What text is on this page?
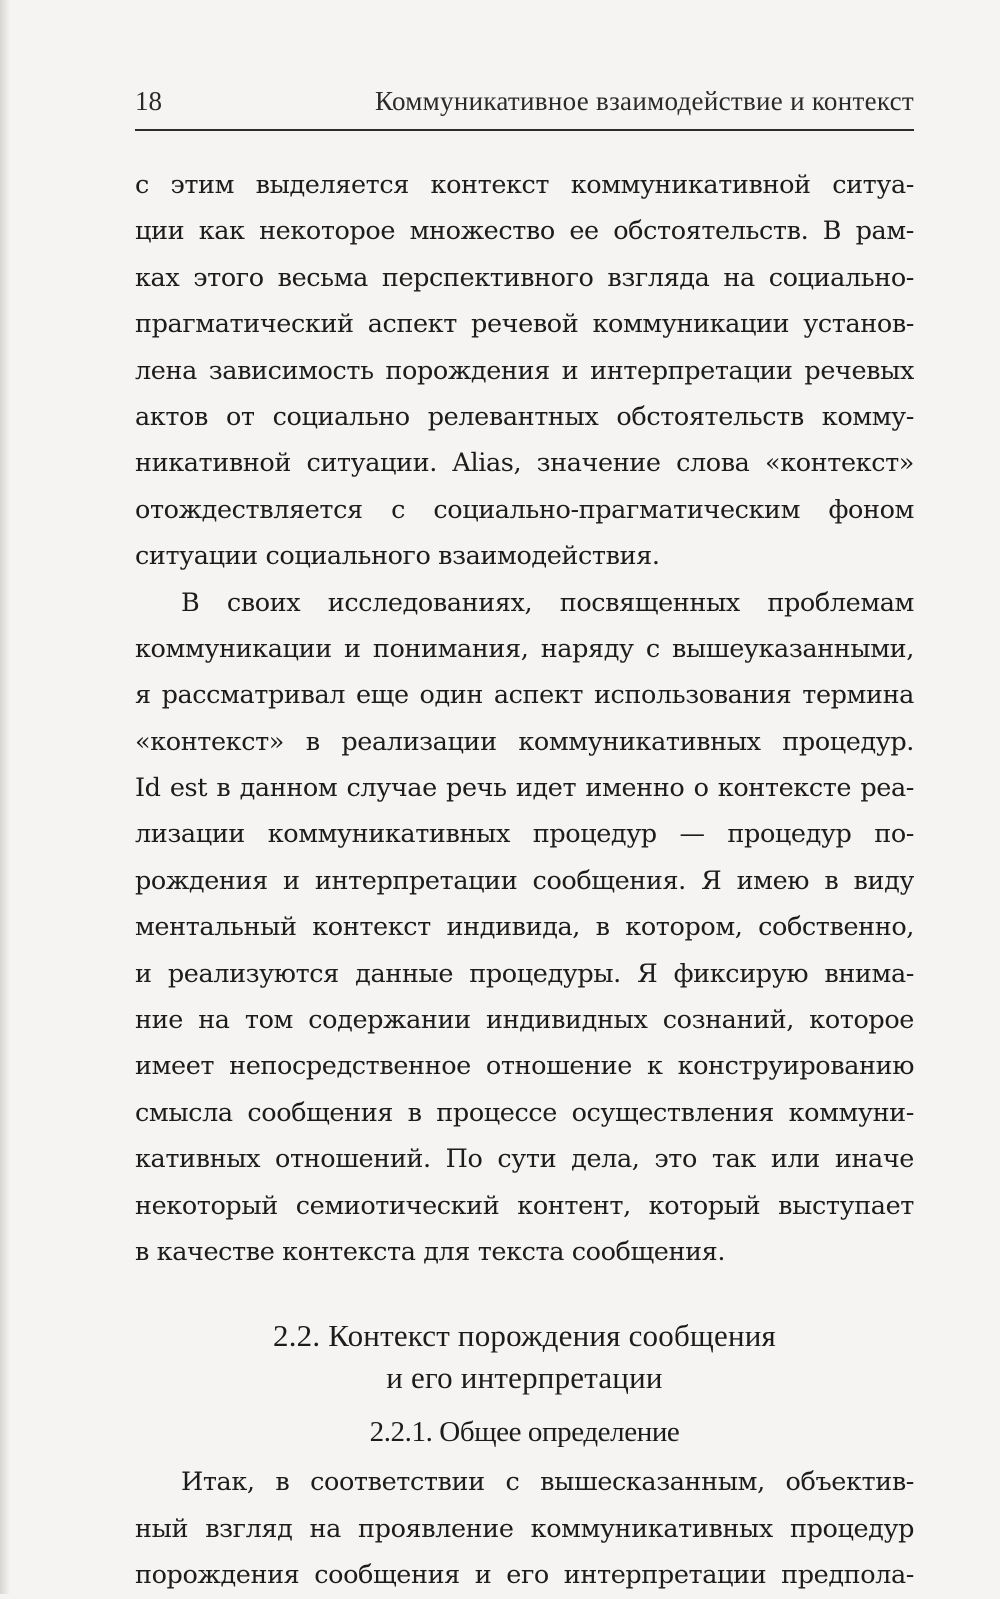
18	Коммуникативное взаимодействие и контекст
с этим выделяется контекст коммуникативной ситуа-
ции как некоторое множество ее обстоятельств. В рам-
ках этого весьма перспективного взгляда на социально-
прагматический аспект речевой коммуникации установ-
лена зависимость порождения и интерпретации речевых
актов от социально релевантных обстоятельств комму-
никативной ситуации. Alias, значение слова «контекст»
отождествляется с социально-прагматическим фоном
ситуации социального взаимодействия.
В своих исследованиях, посвященных проблемам
коммуникации и понимания, наряду с вышеуказанными,
я рассматривал еще один аспект использования термина
«контекст» в реализации коммуникативных процедур.
Id est в данном случае речь идет именно о контексте реа-
лизации коммуникативных процедур — процедур по-
рождения и интерпретации сообщения. Я имею в виду
ментальный контекст индивида, в котором, собственно,
и реализуются данные процедуры. Я фиксирую внима-
ние на том содержании индивидных сознаний, которое
имеет непосредственное отношение к конструированию
смысла сообщения в процессе осуществления коммуни-
кативных отношений. По сути дела, это так или иначе
некоторый семиотический контент, который выступает
в качестве контекста для текста сообщения.
2.2. Контекст порождения сообщения
и его интерпретации
2.2.1. Общее определение
Итак, в соответствии с вышесказанным, объектив-
ный взгляд на проявление коммуникативных процедур
порождения сообщения и его интерпретации предпола-
